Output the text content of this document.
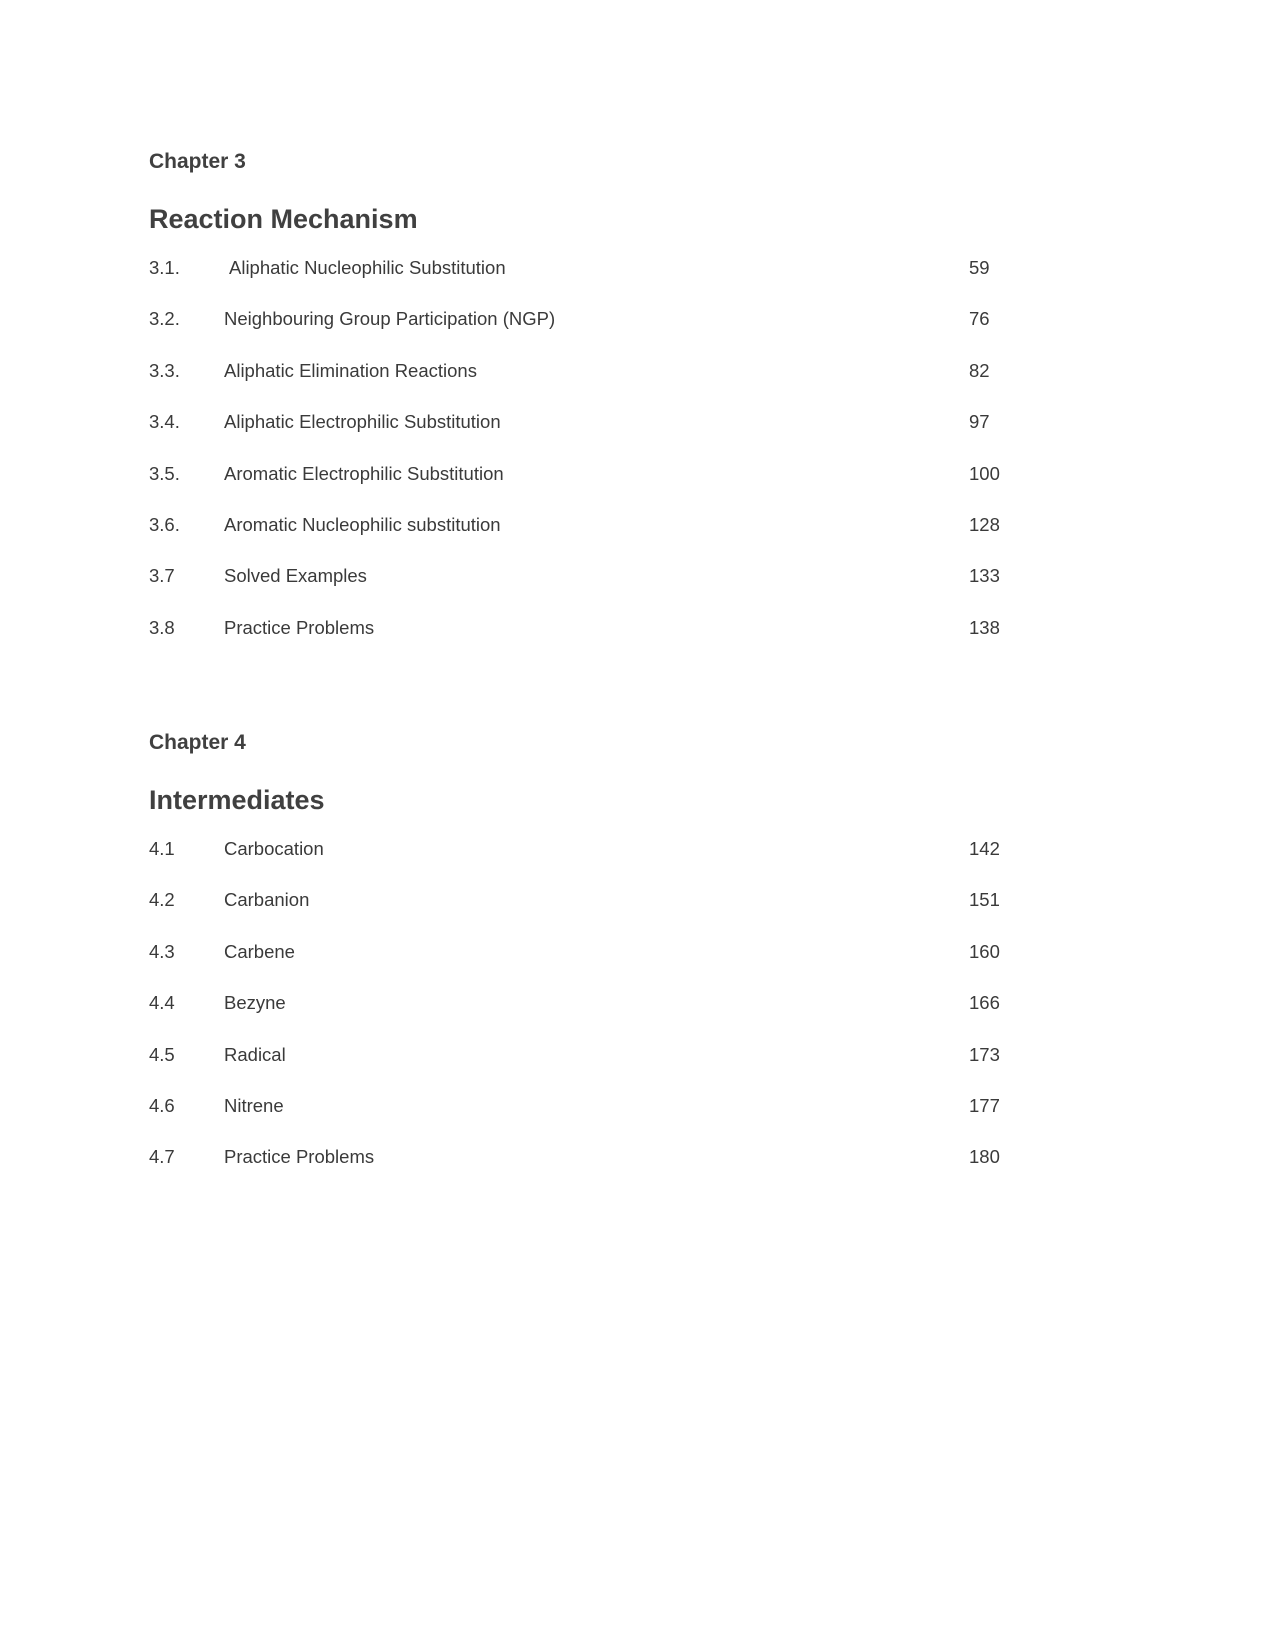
Chapter 3
Reaction Mechanism
3.1.	Aliphatic Nucleophilic Substitution	59
3.2. Neighbouring Group Participation (NGP)	76
3.3. Aliphatic Elimination Reactions	82
3.4. Aliphatic Electrophilic Substitution	97
3.5. Aromatic Electrophilic Substitution	100
3.6. Aromatic Nucleophilic substitution	128
3.7	Solved Examples	133
3.8	Practice Problems	138
Chapter 4
Intermediates
4.1	Carbocation	142
4.2	Carbanion	151
4.3	Carbene	160
4.4	Bezyne	166
4.5	Radical	173
4.6	Nitrene	177
4.7	Practice Problems	180
